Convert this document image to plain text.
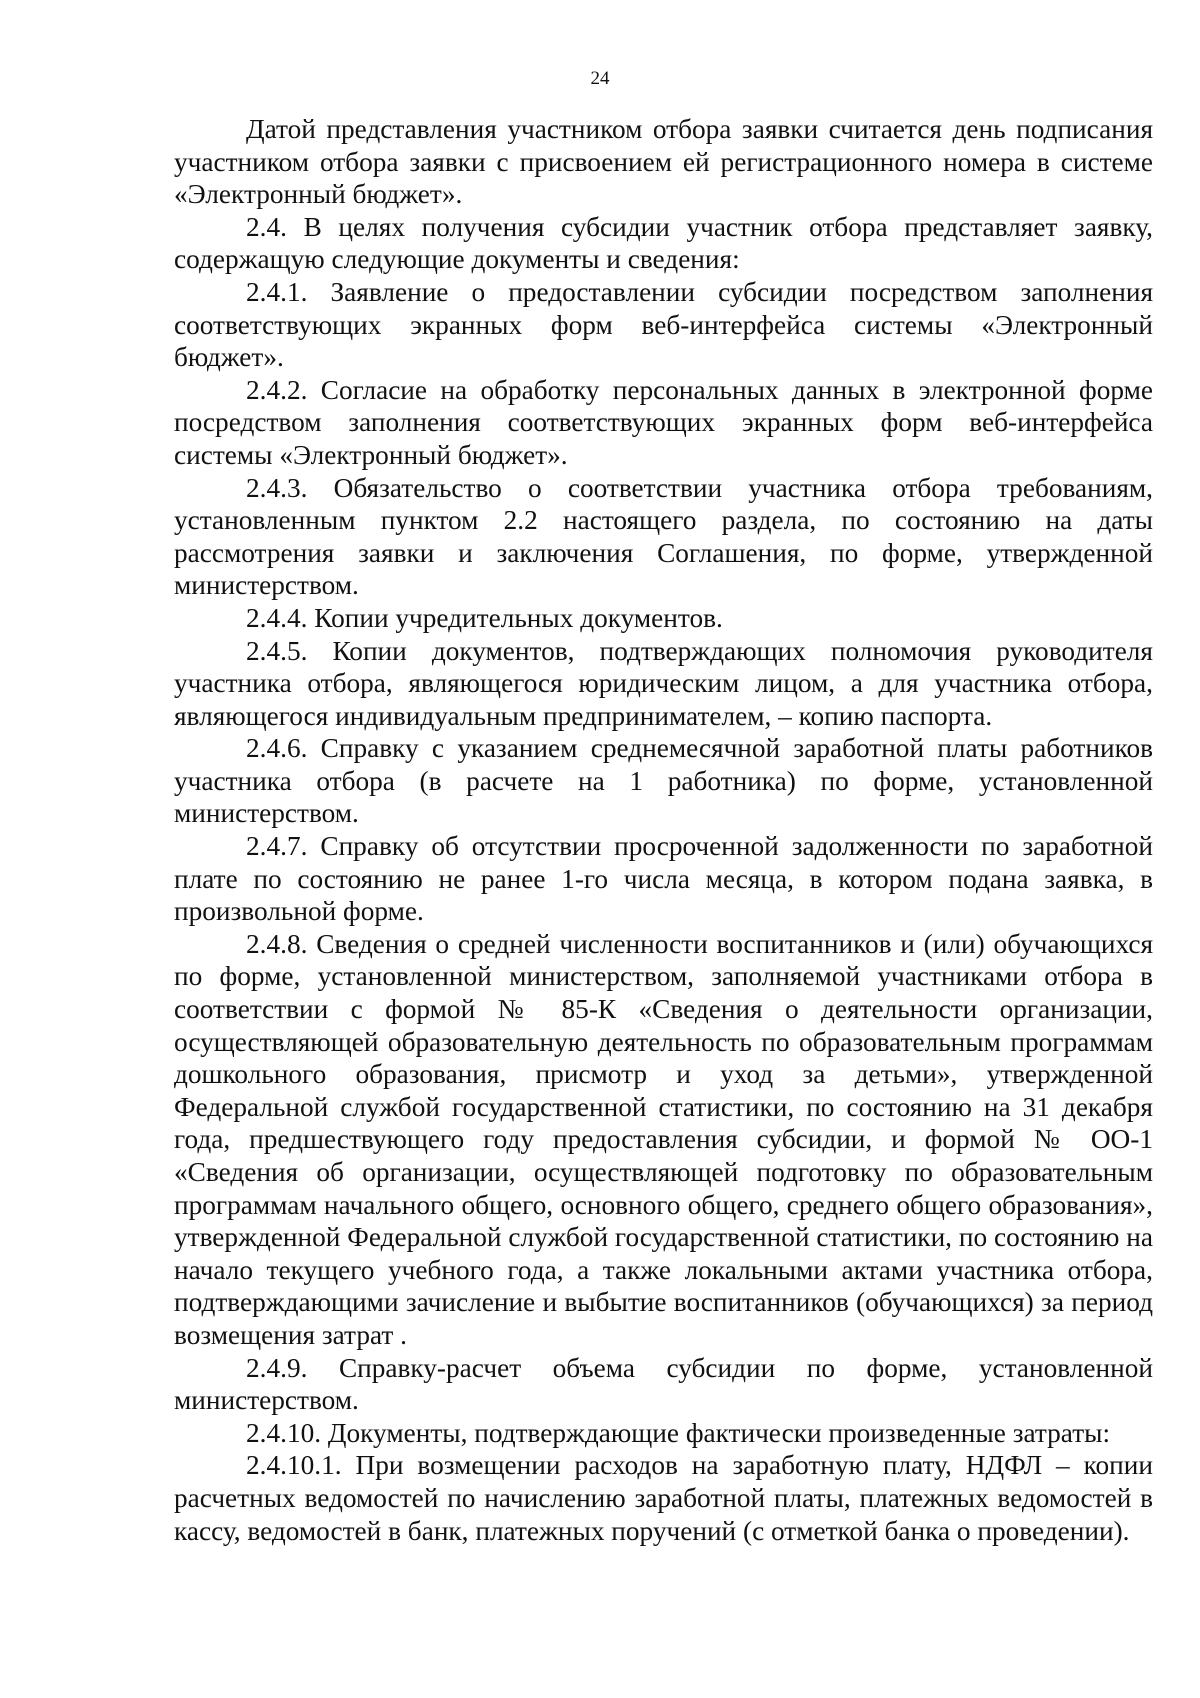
24

Датой представления участником отбора заявки считается день подписания участником отбора заявки с присвоением ей регистрационного номера в системе «Электронный бюджет».

2.4. В целях получения субсидии участник отбора представляет заявку, содержащую следующие документы и сведения:

2.4.1. Заявление о предоставлении субсидии посредством заполнения соответствующих экранных форм веб-интерфейса системы «Электронный бюджет».

2.4.2. Согласие на обработку персональных данных в электронной форме посредством заполнения соответствующих экранных форм веб-интерфейса системы «Электронный бюджет».

2.4.3. Обязательство о соответствии участника отбора требованиям, установленным пунктом 2.2 настоящего раздела, по состоянию на даты рассмотрения заявки и заключения Соглашения, по форме, утвержденной министерством.

2.4.4. Копии учредительных документов.

2.4.5. Копии документов, подтверждающих полномочия руководителя участника отбора, являющегося юридическим лицом, а для участника отбора, являющегося индивидуальным предпринимателем, – копию паспорта.

2.4.6. Справку с указанием среднемесячной заработной платы работников участника отбора (в расчете на 1 работника) по форме, установленной министерством.

2.4.7. Справку об отсутствии просроченной задолженности по заработной плате по состоянию не ранее 1-го числа месяца, в котором подана заявка, в произвольной форме.

2.4.8. Сведения о средней численности воспитанников и (или) обучающихся по форме, установленной министерством, заполняемой участниками отбора в соответствии с формой № 85-К «Сведения о деятельности организации, осуществляющей образовательную деятельность по образовательным программам дошкольного образования, присмотр и уход за детьми», утвержденной Федеральной службой государственной статистики, по состоянию на 31 декабря года, предшествующего году предоставления субсидии, и формой № ОО-1 «Сведения об организации, осуществляющей подготовку по образовательным программам начального общего, основного общего, среднего общего образования», утвержденной Федеральной службой государственной статистики, по состоянию на начало текущего учебного года, а также локальными актами участника отбора, подтверждающими зачисление и выбытие воспитанников (обучающихся) за период возмещения затрат .

2.4.9. Справку-расчет объема субсидии по форме, установленной министерством.

2.4.10. Документы, подтверждающие фактически произведенные затраты:

2.4.10.1. При возмещении расходов на заработную плату, НДФЛ – копии расчетных ведомостей по начислению заработной платы, платежных ведомостей в кассу, ведомостей в банк, платежных поручений (с отметкой банка о проведении).
